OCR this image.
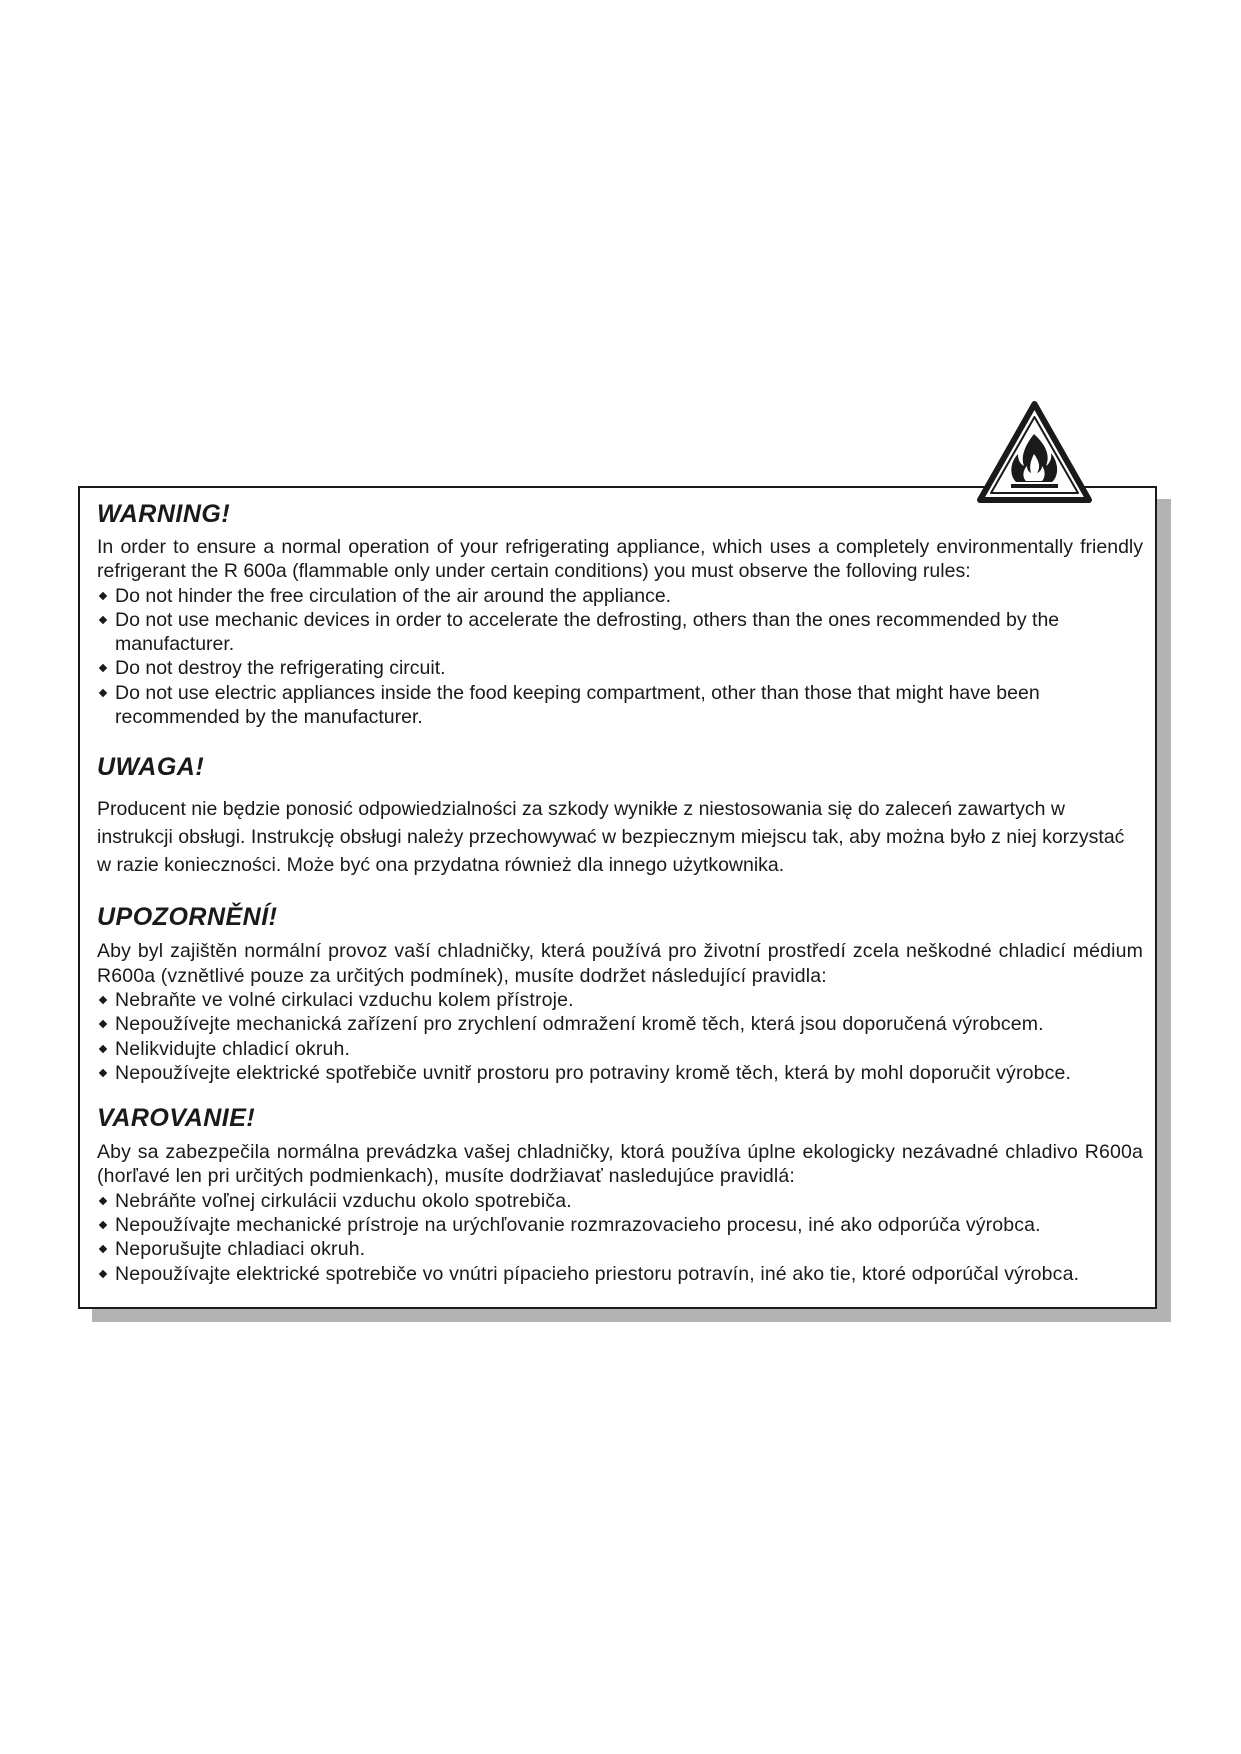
WARNING!

In order to ensure a normal operation of your refrigerating appliance, which uses a completely environmentally friendly refrigerant the R 600a (flammable only under certain conditions) you must observe the folloving rules:

Do not hinder the free circulation of the air around the appliance.
Do not use mechanic devices in order to accelerate the defrosting, others than the ones recommended by the manufacturer.
Do not destroy the refrigerating circuit.
Do not use electric appliances inside the food keeping compartment, other than those that might have been recommended by the manufacturer.
UWAGA!

Producent nie będzie ponosić odpowiedzialności za szkody wynikłe z niestosowania się do zaleceń zawartych w instrukcji obsługi. Instrukcję obsługi należy przechowywać w bezpiecznym miejscu tak, aby można było z niej korzystać w razie konieczności. Może być ona przydatna również dla innego użytkownika.

UPOZORNĚNÍ!

Aby byl zajištěn normální provoz vaší chladničky, která používá pro životní prostředí zcela neškodné chladicí médium R600a (vznětlivé pouze za určitých podmínek), musíte dodržet následující pravidla:

Nebraňte ve volné cirkulaci vzduchu kolem přístroje.
Nepoužívejte mechanická zařízení pro zrychlení odmražení kromě těch, která jsou doporučená výrobcem.
Nelikvidujte chladicí okruh.
Nepoužívejte elektrické spotřebiče uvnitř prostoru pro potraviny kromě těch, která by mohl doporučit výrobce.
VAROVANIE!

Aby sa zabezpečila normálna prevádzka vašej chladničky, ktorá používa úplne ekologicky nezávadné chladivo R600a (horľavé len pri určitých podmienkach), musíte dodržiavať nasledujúce pravidlá:

Nebráňte voľnej cirkulácii vzduchu okolo spotrebiča.
Nepoužívajte mechanické prístroje na urýchľovanie rozmrazovacieho procesu, iné ako odporúča výrobca.
Neporušujte chladiaci okruh.
Nepoužívajte elektrické spotrebiče vo vnútri pípacieho priestoru potravín, iné ako tie, ktoré odporúčal výrobca.
